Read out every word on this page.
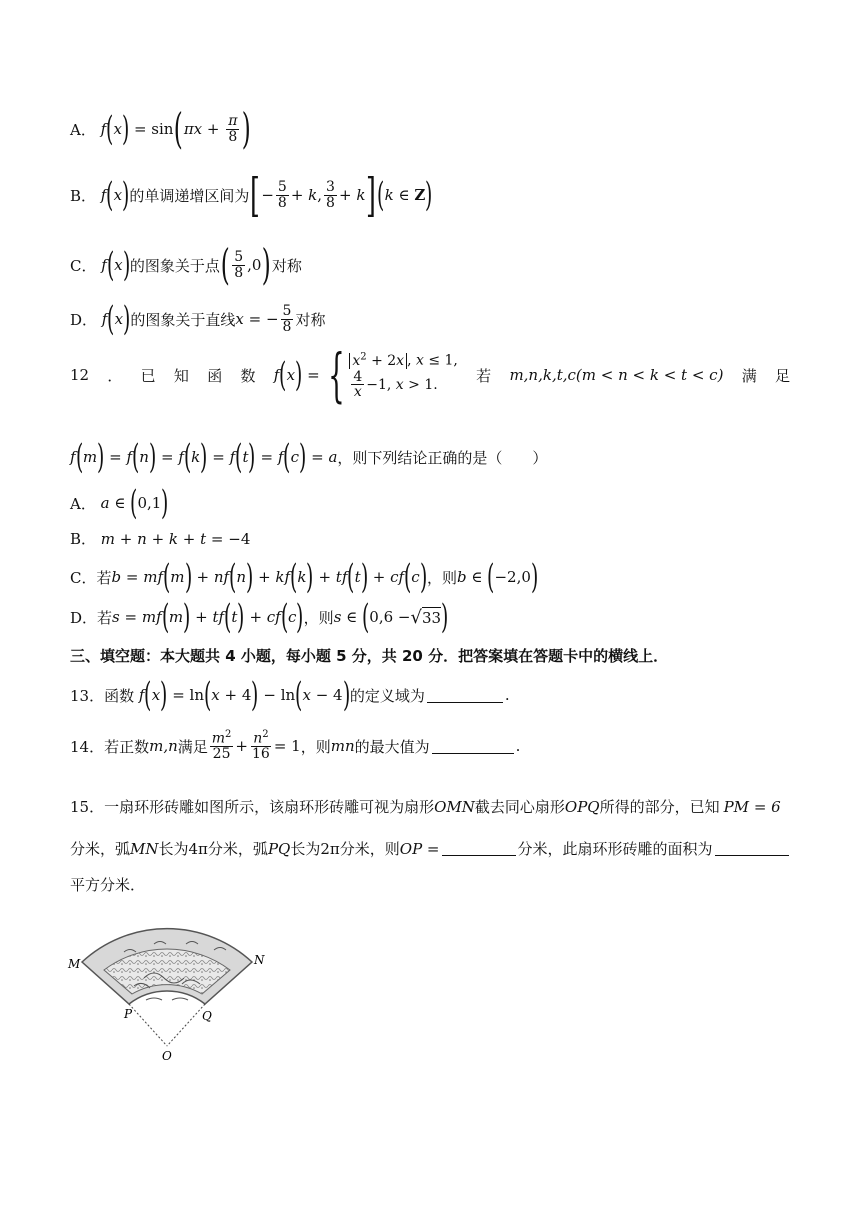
A． f ( x ) = sin ( $\pi x + \frac{\pi}{8}$ )
B． f ( x ) 的单调递增区间为 [ − $\frac{5}{8} + k$ , $\frac{3}{8} + k$ ] ( k ∈ Z )
C． f ( x ) 的图象关于点 ( $\frac{5}{8} ,0$ ) 对称
D． f ( x ) 的图象关于直线 x = − $\frac{5}{8}$ 对称
12 ． 已 知 函 数 f ( x ) = { $x^2 + 2x$ , x ≤ 1,
$\frac{4}{x} -1$, x > 1.
若 m,n,k,t,c(m < n < k < t < c) 满 足
f ( m ) = f ( n ) = f ( k ) = f ( t ) = f ( c ) = a ，则下列结论正确的是（　　）
A． a ∈ ( 0,1 )
B． m + n + k + t = −4
C． 若 b = mf ( m ) + nf ( n ) + kf ( k ) + tf ( t ) + cf ( c ) ，则 b ∈ ( −2,0 )
D． 若 s = mf ( m ) + tf ( t ) + cf ( c ) ，则 s ∈ ( 0,6 − √ 33 )
三、填空题：本大题共 4 小题，每小题 5 分，共 20 分．把答案填在答题卡中的横线上．
13．函数 f ( x ) = ln ( x + 4 ) − ln ( x − 4 ) 的定义域为	.
14．若正数 m,n 满足 $\frac{m^2}{25} + \frac{n^2}{16} = 1$ ，则 mn 的最大值为	.
15．一扇环形砖雕如图所示，该扇环形砖雕可视为扇形 OMN 截去同心扇形 OPQ 所得的部分，已知 PM = 6
分米，弧 MN 长为 4π 分米，弧 PQ 长为 2π 分米，则 OP =	分米，此扇环形砖雕的面积为
平方分米．
M	N
P	Q
O
